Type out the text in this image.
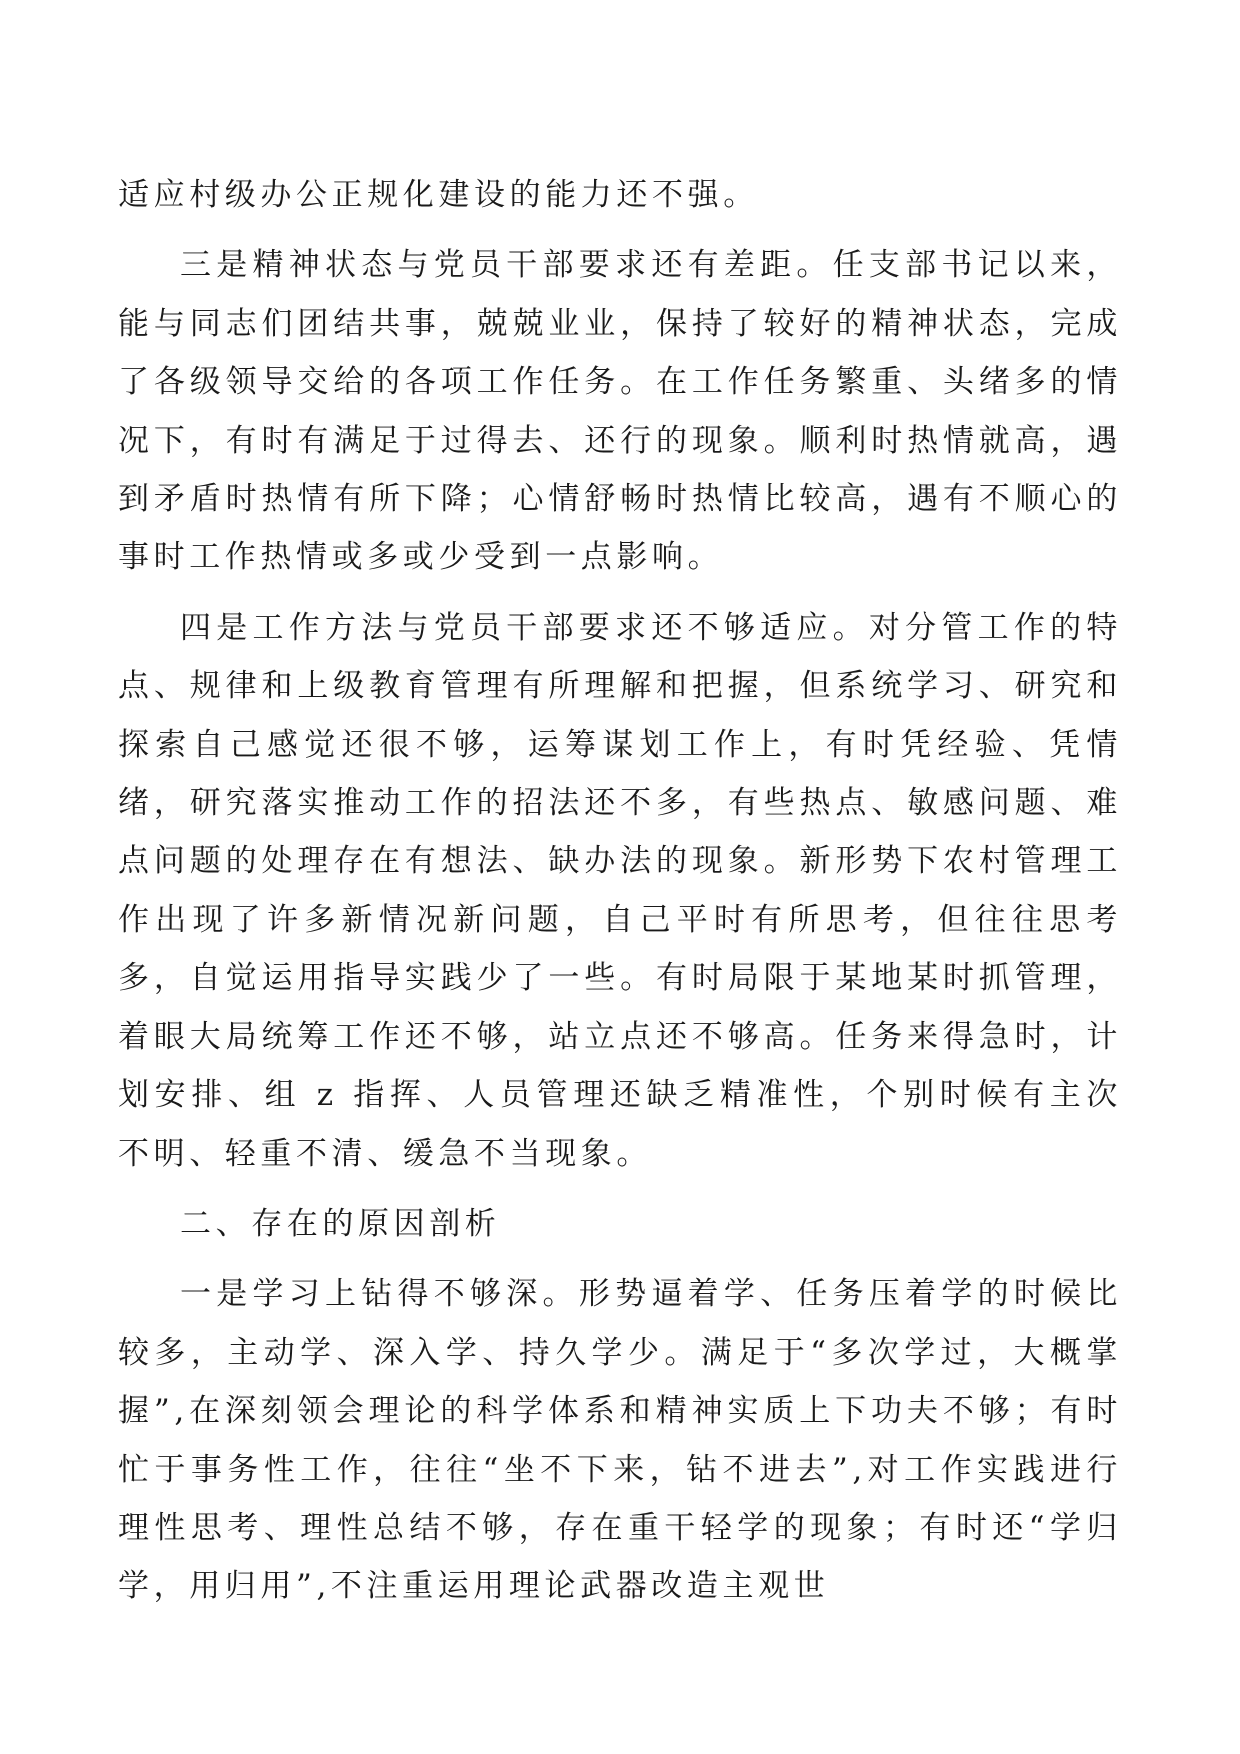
适应村级办公正规化建设的能力还不强。

三是精神状态与党员干部要求还有差距。任支部书记以来，能与同志们团结共事，兢兢业业，保持了较好的精神状态，完成了各级领导交给的各项工作任务。在工作任务繁重、头绪多的情况下，有时有满足于过得去、还行的现象。顺利时热情就高，遇到矛盾时热情有所下降；心情舒畅时热情比较高，遇有不顺心的事时工作热情或多或少受到一点影响。

四是工作方法与党员干部要求还不够适应。对分管工作的特点、规律和上级教育管理有所理解和把握，但系统学习、研究和探索自己感觉还很不够，运筹谋划工作上，有时凭经验、凭情绪，研究落实推动工作的招法还不多，有些热点、敏感问题、难点问题的处理存在有想法、缺办法的现象。新形势下农村管理工作出现了许多新情况新问题，自己平时有所思考，但往往思考多，自觉运用指导实践少了一些。有时局限于某地某时抓管理，着眼大局统筹工作还不够，站立点还不够高。任务来得急时，计划安排、组 z 指挥、人员管理还缺乏精准性，个别时候有主次不明、轻重不清、缓急不当现象。

二、存在的原因剖析

一是学习上钻得不够深。形势逼着学、任务压着学的时候比较多，主动学、深入学、持久学少。满足于“多次学过，大概掌握”,在深刻领会理论的科学体系和精神实质上下功夫不够；有时忙于事务性工作，往往“坐不下来，钻不进去”,对工作实践进行理性思考、理性总结不够，存在重干轻学的现象；有时还“学归学，用归用”,不注重运用理论武器改造主观世
